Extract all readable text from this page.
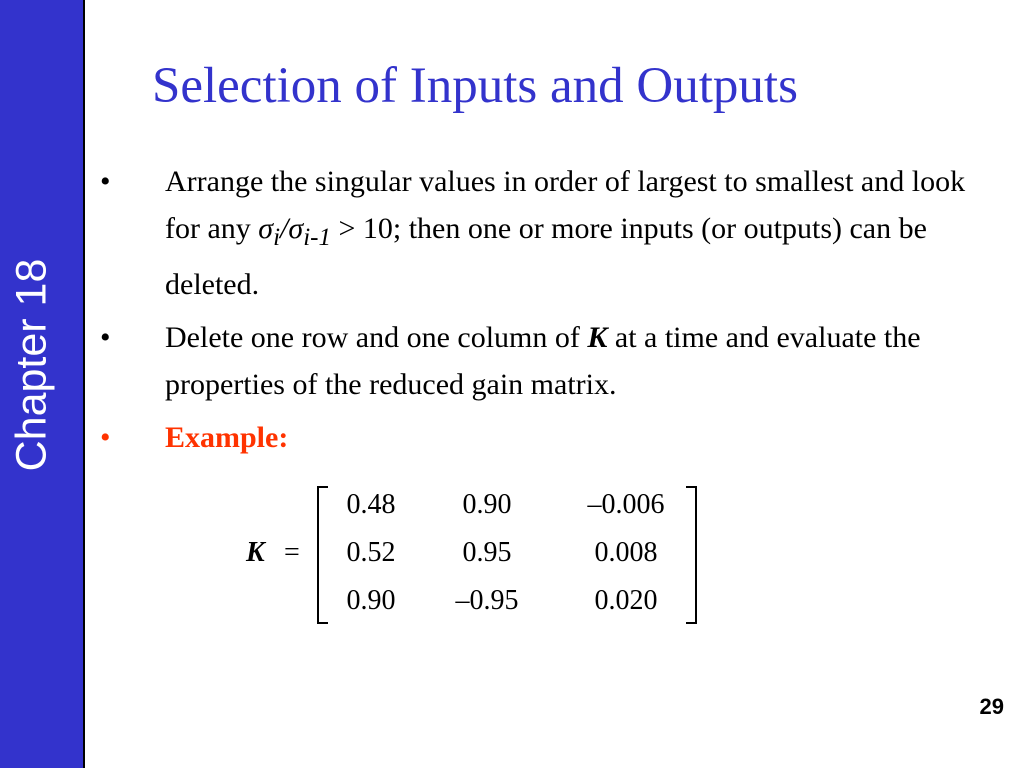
Chapter 18
Selection of Inputs and Outputs
• Arrange the singular values in order of largest to smallest and look for any $\sigma_i/\sigma_{i-1} > 10$; then one or more inputs (or outputs) can be deleted.
• Delete one row and one column of K at a time and evaluate the properties of the reduced gain matrix.
• Example:
K =
0.48 0.90	–0.006
0.52 0.95	0.008
0.90 –0.95	0.020
29
